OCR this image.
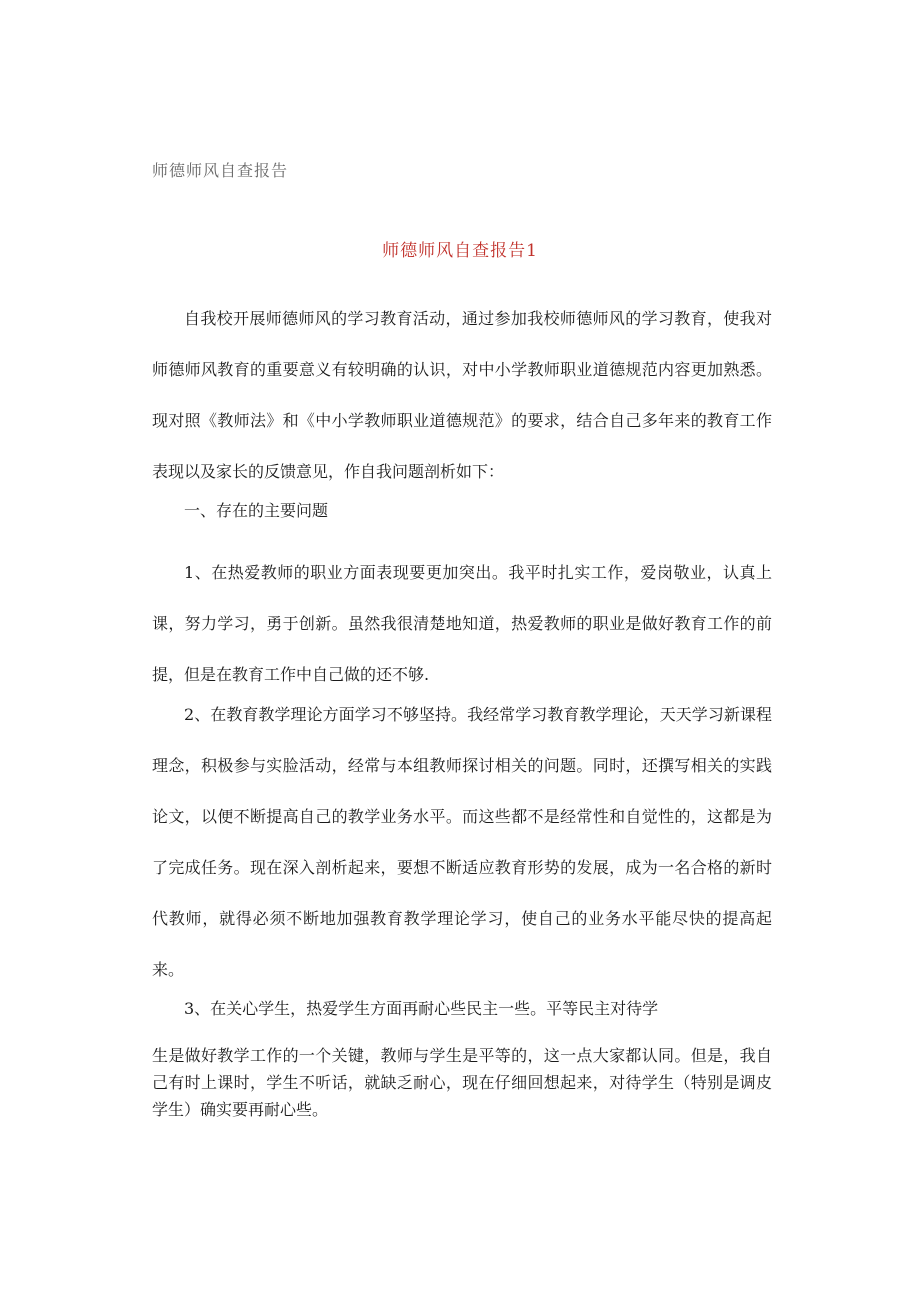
师德师风自查报告
师德师风自查报告1

自我校开展师德师风的学习教育活动，通过参加我校师德师风的学习教育，使我对师德师风教育的重要意义有较明确的认识，对中小学教师职业道德规范内容更加熟悉。现对照《教师法》和《中小学教师职业道德规范》的要求，结合自己多年来的教育工作表现以及家长的反馈意见，作自我问题剖析如下：

一、存在的主要问题

1、在热爱教师的职业方面表现要更加突出。我平时扎实工作，爱岗敬业，认真上课，努力学习，勇于创新。虽然我很清楚地知道，热爱教师的职业是做好教育工作的前提，但是在教育工作中自己做的还不够.

2、在教育教学理论方面学习不够坚持。我经常学习教育教学理论，天天学习新课程理念，积极参与实脸活动，经常与本组教师探讨相关的问题。同时，还撰写相关的实践论文，以便不断提高自己的教学业务水平。而这些都不是经常性和自觉性的，这都是为了完成任务。现在深入剖析起来，要想不断适应教育形势的发展，成为一名合格的新时代教师，就得必须不断地加强教育教学理论学习，使自己的业务水平能尽快的提高起来。

3、在关心学生，热爱学生方面再耐心些民主一些。平等民主对待学

生是做好教学工作的一个关键，教师与学生是平等的，这一点大家都认同。但是，我自己有时上课时，学生不听话，就缺乏耐心，现在仔细回想起来，对待学生（特别是调皮学生）确实要再耐心些。
